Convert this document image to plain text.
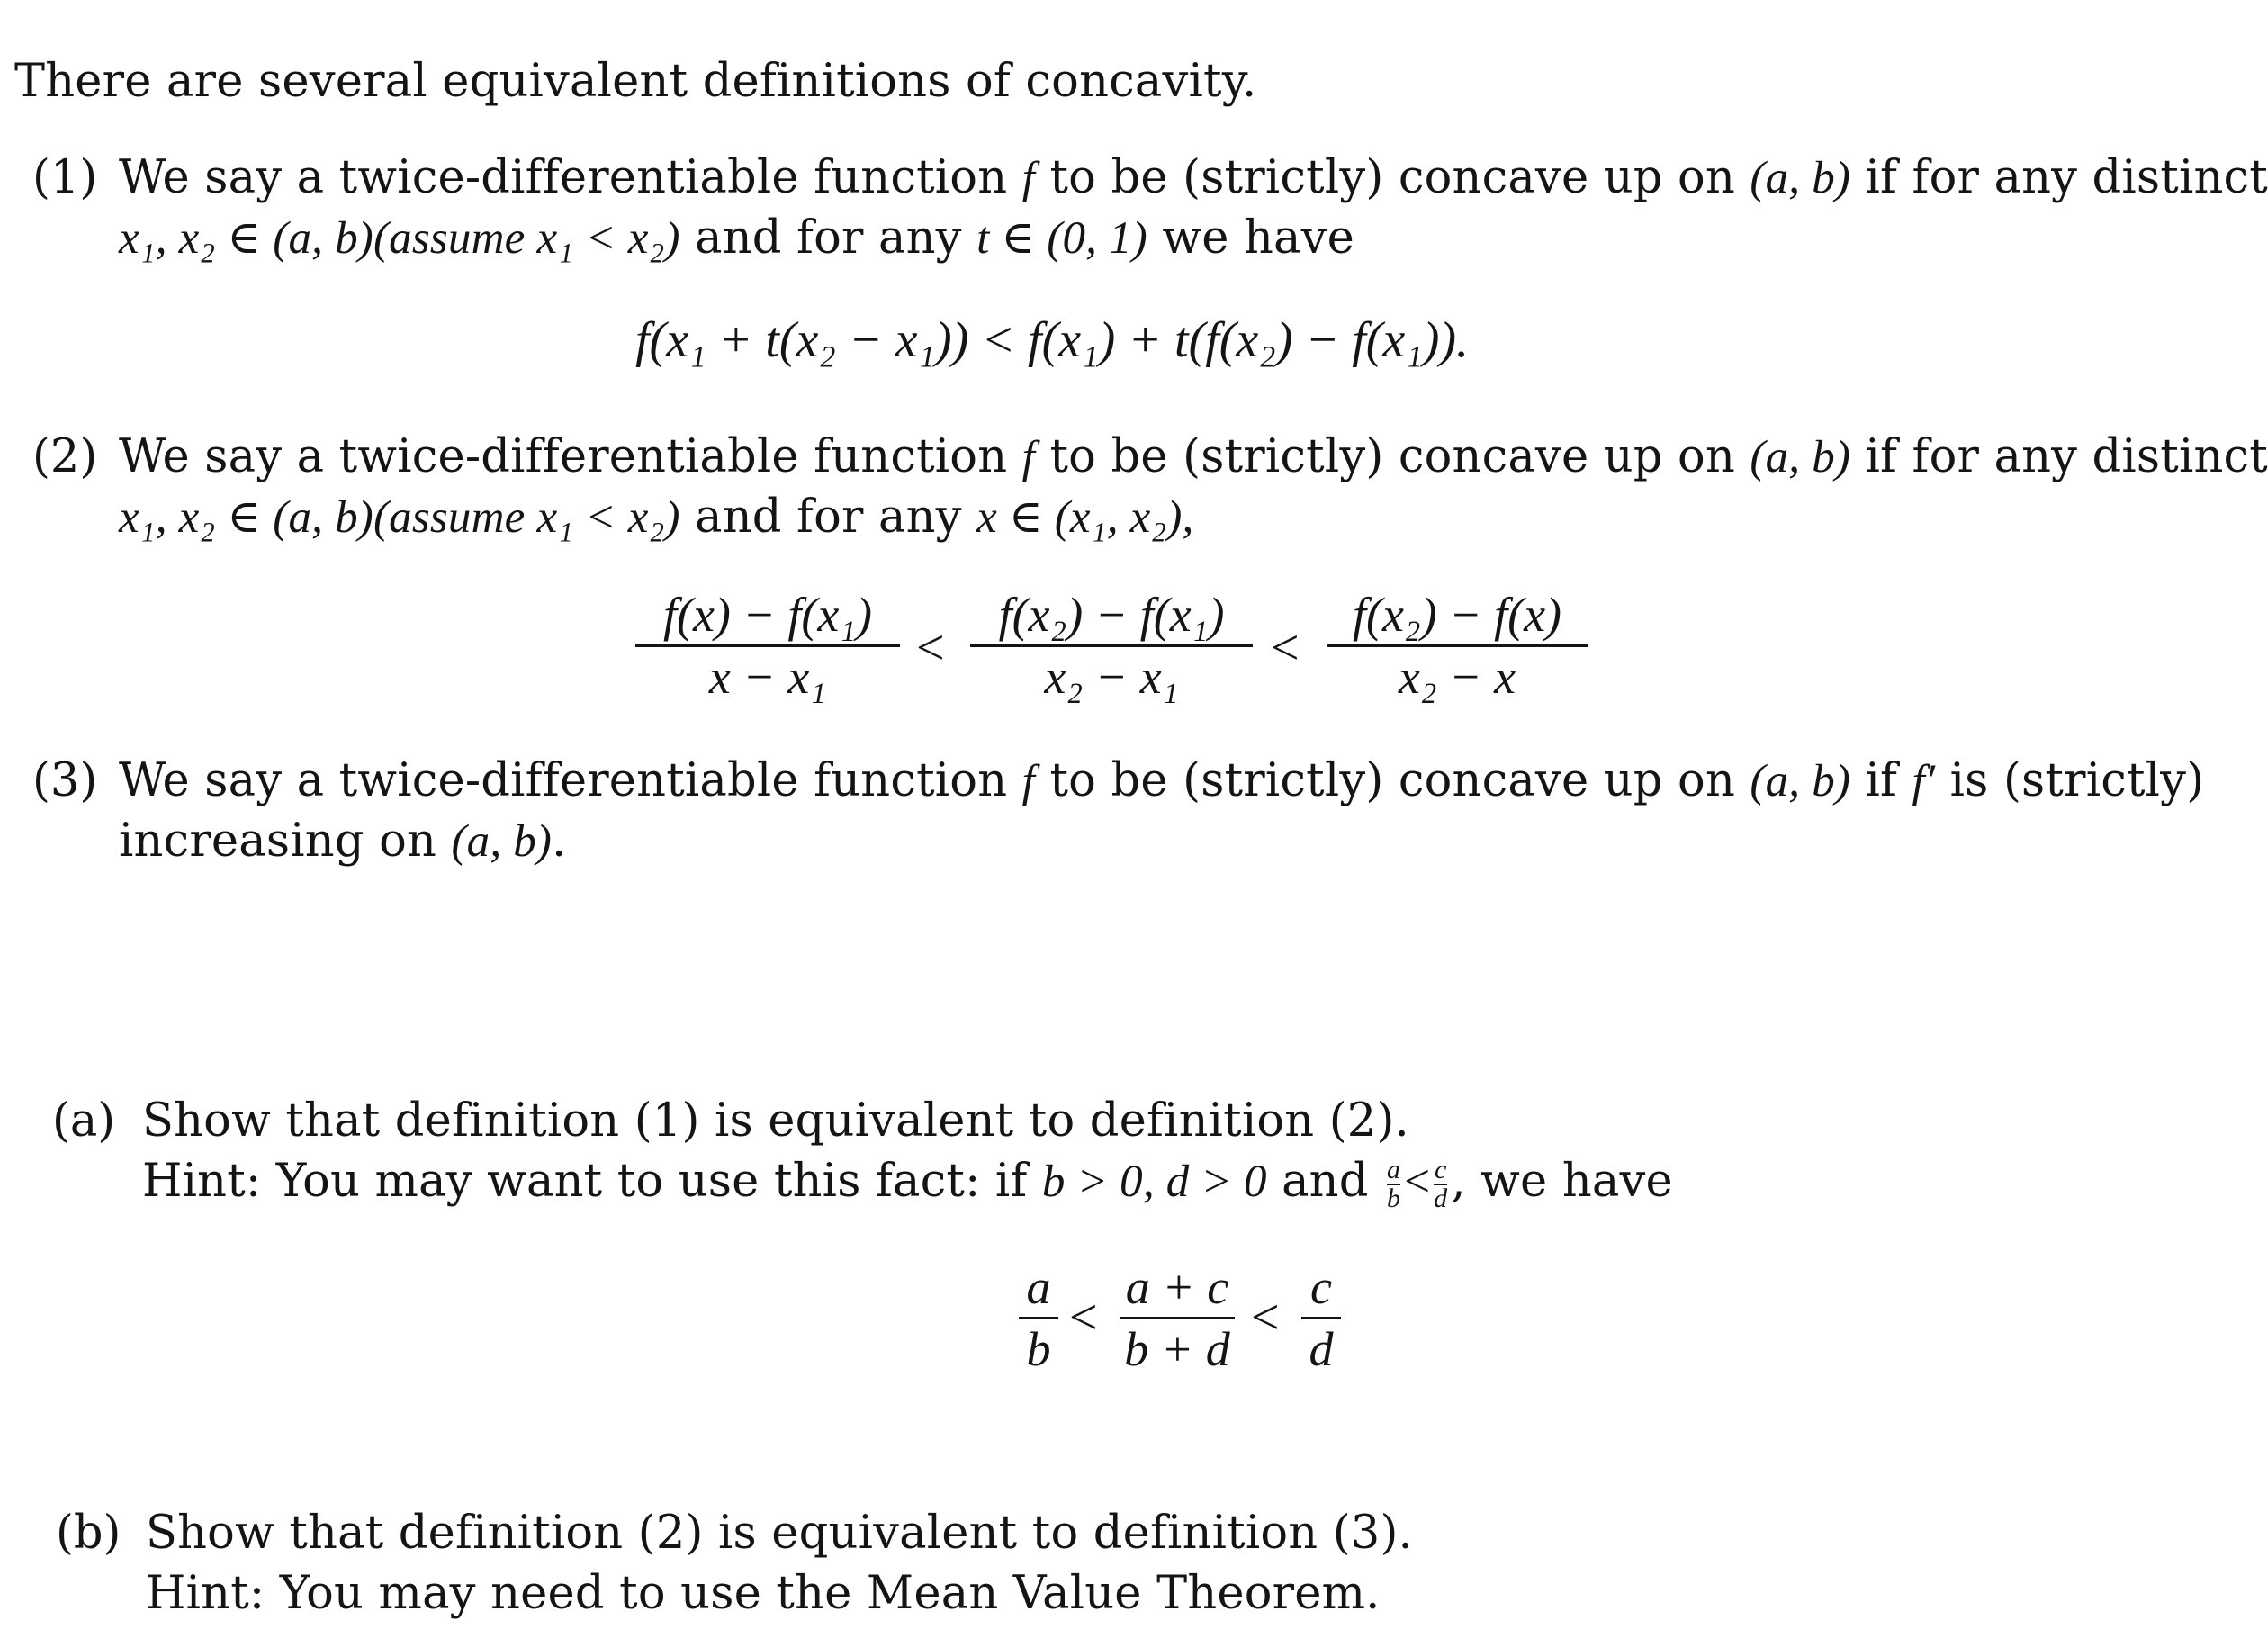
There are several equivalent definitions of concavity.
(1) We say a twice-differentiable function f to be (strictly) concave up on (a, b) if for any distinct
x₁, x₂ ∈ (a, b)(assume x₁ < x₂) and for any t ∈ (0, 1) we have
f(x₁ + t(x₂ − x₁)) < f(x₁) + t(f(x₂) − f(x₁)).
(2) We say a twice-differentiable function f to be (strictly) concave up on (a, b) if for any distinct
x₁, x₂ ∈ (a, b)(assume x₁ < x₂) and for any x ∈ (x₁, x₂),
f(x) − f(x₁)
x − x₁
<
f(x₂) − f(x₁)
x₂ − x₁
<
f(x₂) − f(x)
x₂ − x
(3) We say a twice-differentiable function f to be (strictly) concave up on (a, b) if f′ is (strictly)
increasing on (a, b).
(a) Show that definition (1) is equivalent to definition (2).
Hint: You may want to use this fact: if b > 0, d > 0 and $\frac{a}{b}< \frac{c}{d}$, we have
a
b
<
a + c
b + d
<
c
d
(b) Show that definition (2) is equivalent to definition (3).
Hint: You may need to use the Mean Value Theorem.
